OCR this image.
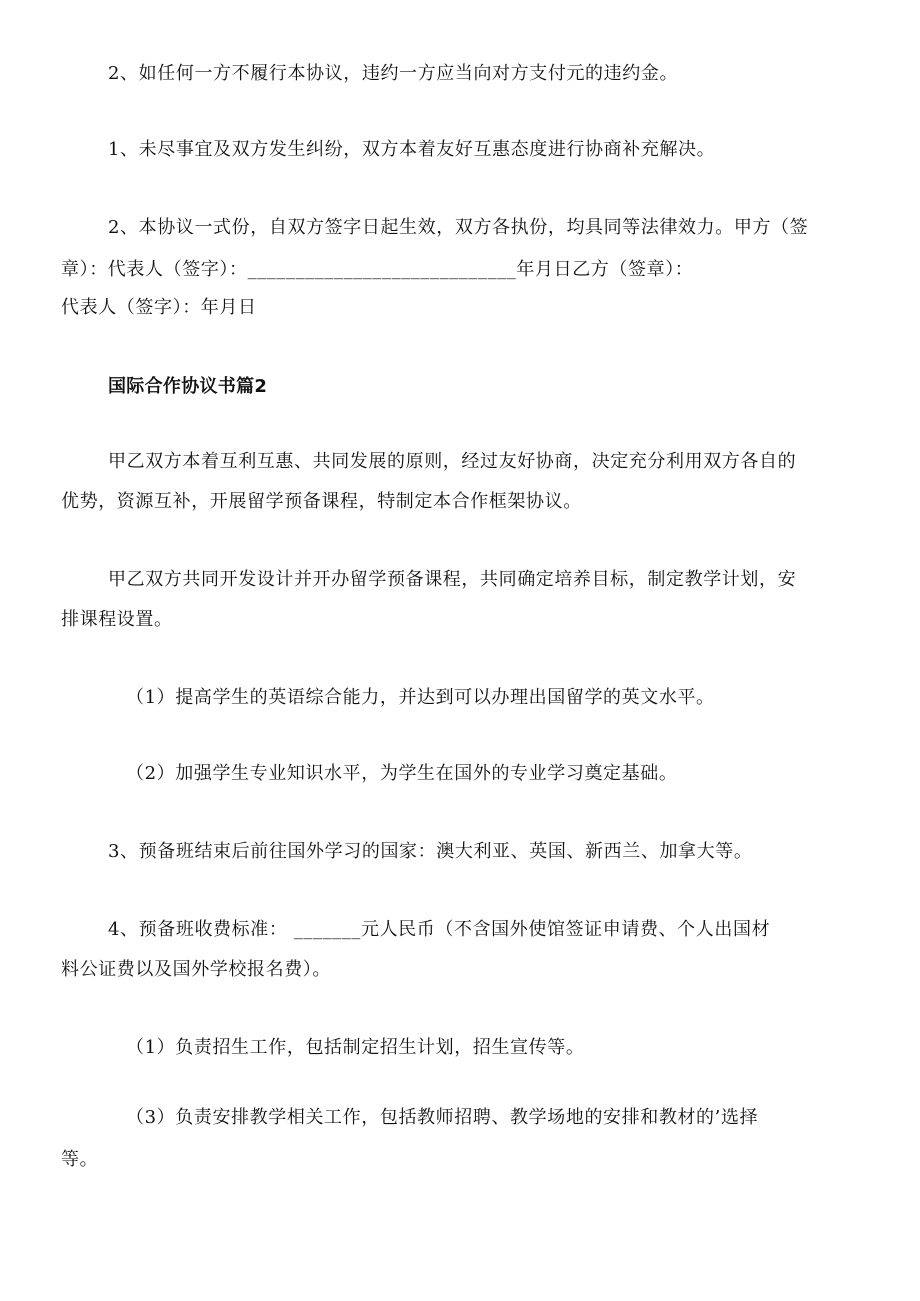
2、如任何一方不履行本协议，违约一方应当向对方支付元的违约金。
1、未尽事宜及双方发生纠纷，双方本着友好互惠态度进行协商补充解决。
2、本协议一式份，自双方签字日起生效，双方各执份，均具同等法律效力。甲方（签
章）：代表人（签字）：____________________________年月日乙方（签章）：
代表人（签字）：年月日
国际合作协议书篇2
甲乙双方本着互利互惠、共同发展的原则，经过友好协商，决定充分利用双方各自的
优势，资源互补，开展留学预备课程，特制定本合作框架协议。
甲乙双方共同开发设计并开办留学预备课程，共同确定培养目标，制定教学计划，安
排课程设置。
（1）提高学生的英语综合能力，并达到可以办理出国留学的英文水平。
（2）加强学生专业知识水平，为学生在国外的专业学习奠定基础。
3、预备班结束后前往国外学习的国家：澳大利亚、英国、新西兰、加拿大等。
4、预备班收费标准： _______元人民币（不含国外使馆签证申请费、个人出国材
料公证费以及国外学校报名费）。
（1）负责招生工作，包括制定招生计划，招生宣传等。
（3）负责安排教学相关工作，包括教师招聘、教学场地的安排和教材的’选择
等。
